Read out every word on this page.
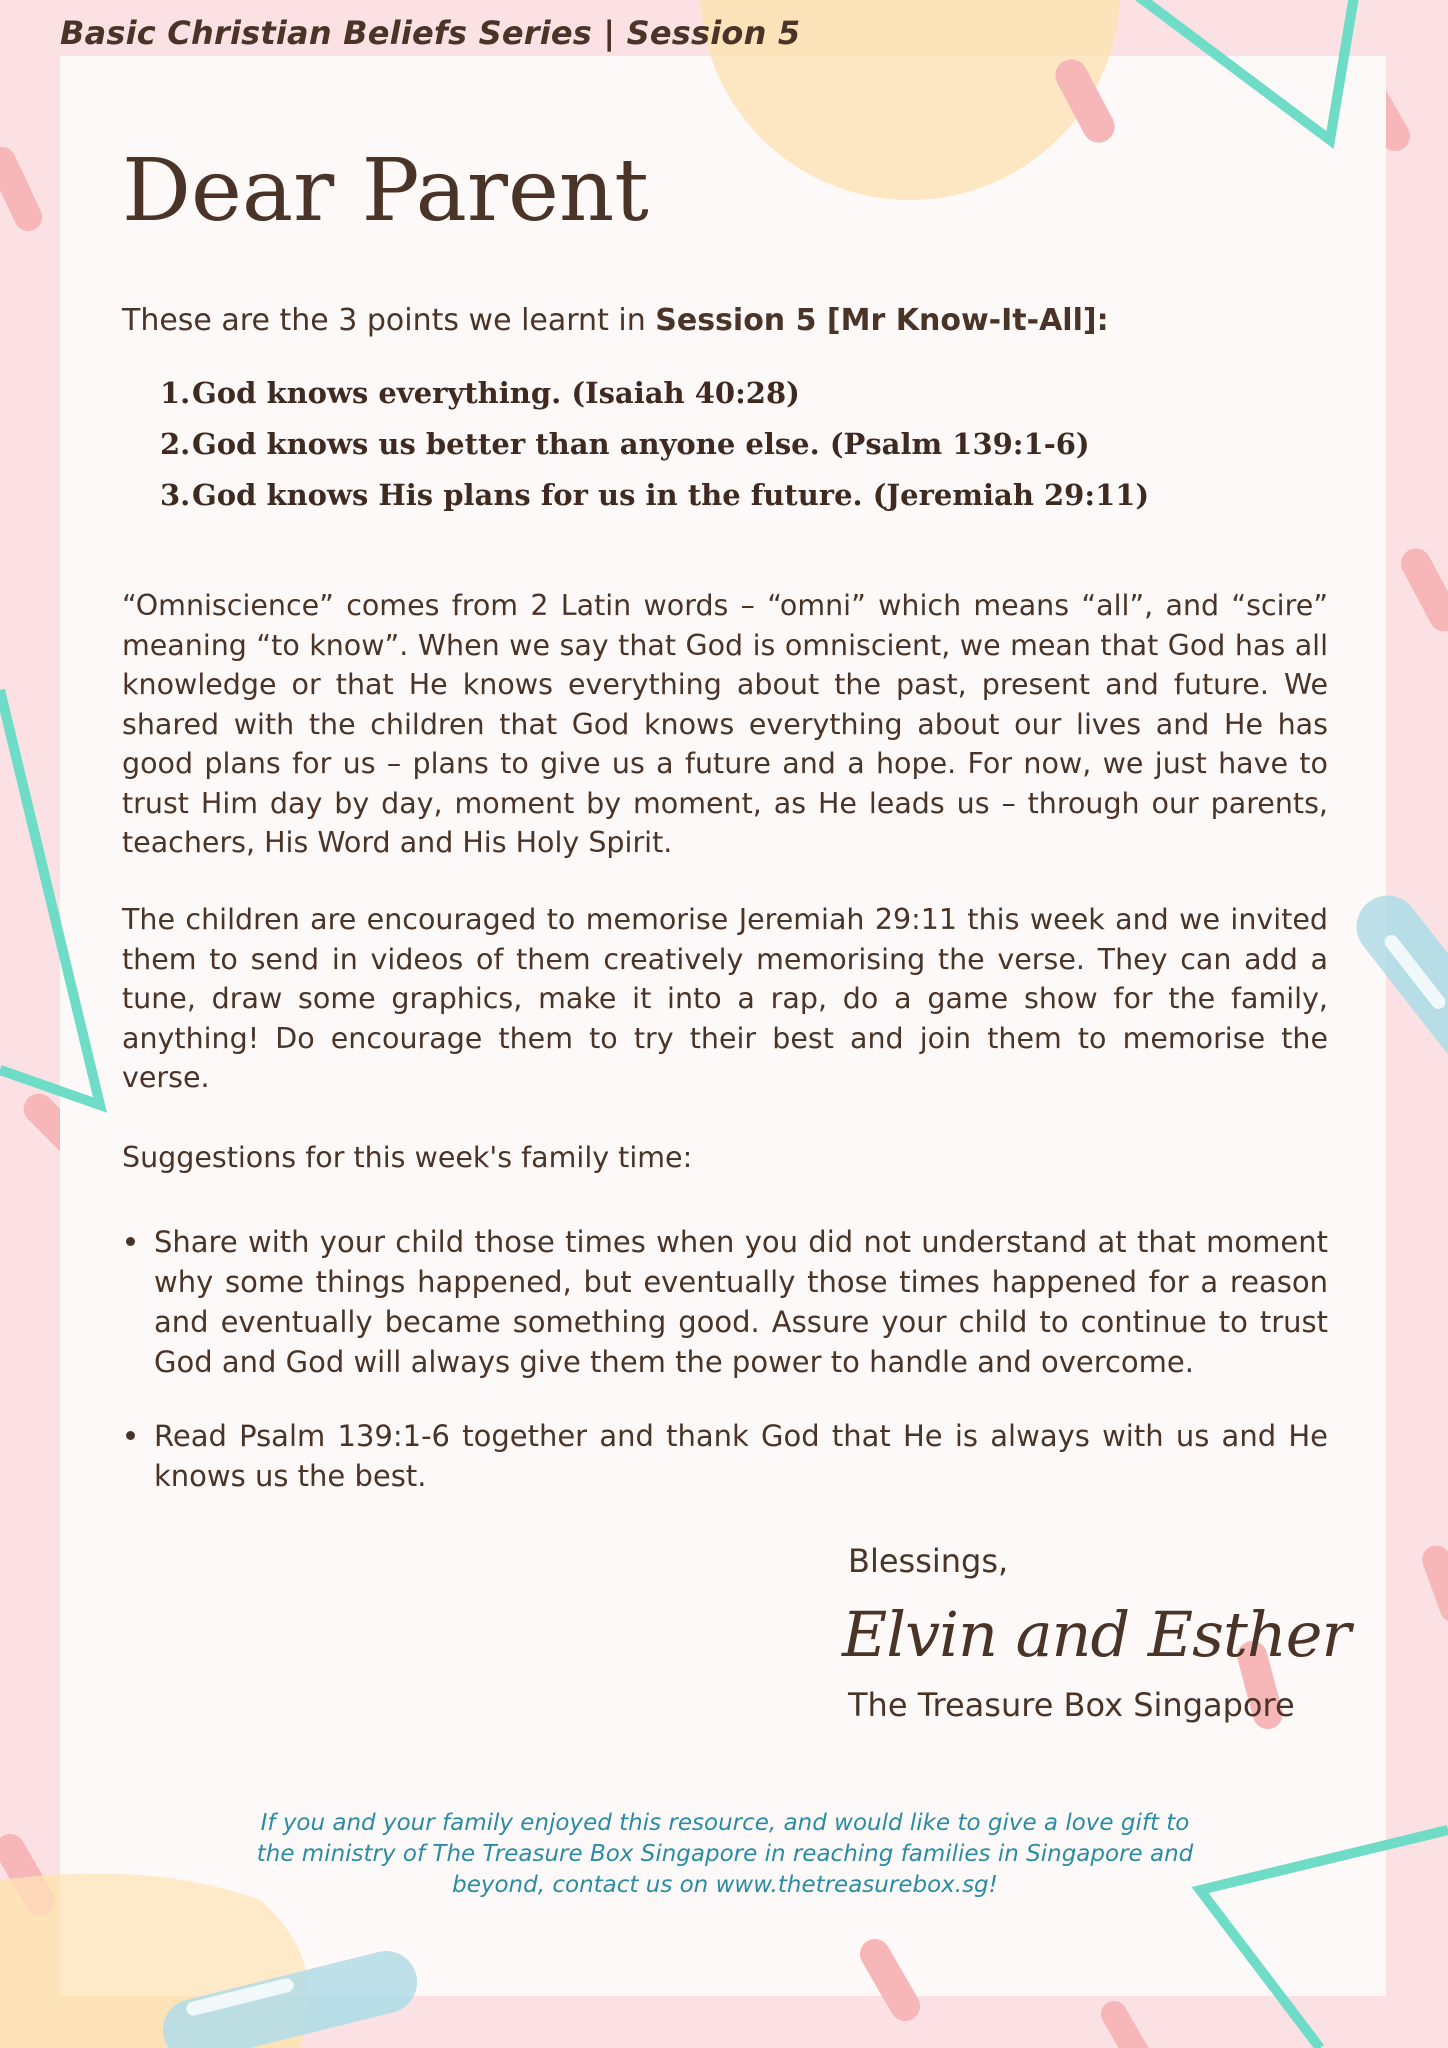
Basic Christian Beliefs Series | Session 5
Dear Parent
These are the 3 points we learnt in Session 5 [Mr Know-It-All]:
1.God knows everything. (Isaiah 40:28)
2.God knows us better than anyone else. (Psalm 139:1-6)
3.God knows His plans for us in the future. (Jeremiah 29:11)

“Omniscience” comes from 2 Latin words – “omni” which means “all”, and “scire” meaning “to know”. When we say that God is omniscient, we mean that God has all knowledge or that He knows everything about the past, present and future. We shared with the children that God knows everything about our lives and He has good plans for us – plans to give us a future and a hope. For now, we just have to trust Him day by day, moment by moment, as He leads us – through our parents, teachers, His Word and His Holy Spirit.

The children are encouraged to memorise Jeremiah 29:11 this week and we invited them to send in videos of them creatively memorising the verse. They can add a tune, draw some graphics, make it into a rap, do a game show for the family, anything! Do encourage them to try their best and join them to memorise the verse.

Suggestions for this week's family time:

Share with your child those times when you did not understand at that moment why some things happened, but eventually those times happened for a reason and eventually became something good. Assure your child to continue to trust God and God will always give them the power to handle and overcome.
Read Psalm 139:1-6 together and thank God that He is always with us and He knows us the best.
Blessings,
Elvin and Esther
The Treasure Box Singapore
If you and your family enjoyed this resource, and would like to give a love gift to the ministry of The Treasure Box Singapore in reaching families in Singapore and beyond, contact us on www.thetreasurebox.sg!
